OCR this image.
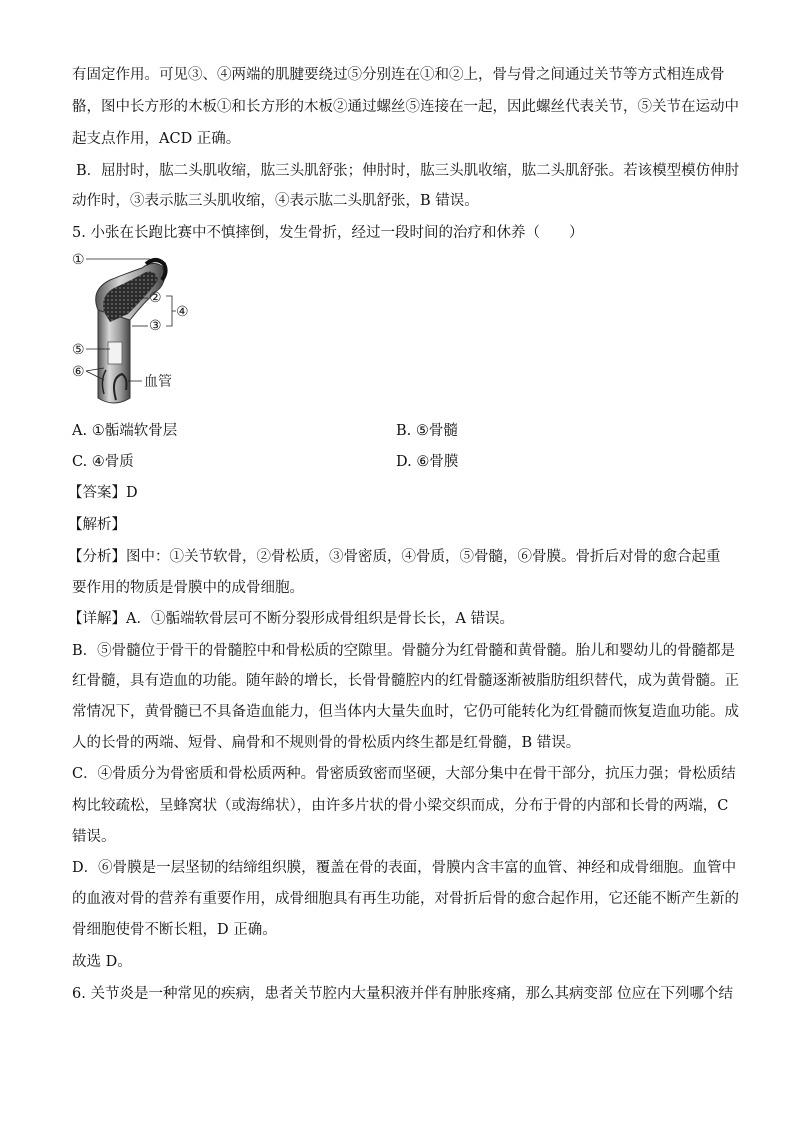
有固定作用。可见③、④两端的肌腱要绕过⑤分别连在①和②上，骨与骨之间通过关节等方式相连成骨
骼，图中长方形的木板①和长方形的木板②通过螺丝⑤连接在一起，因此螺丝代表关节，⑤关节在运动中
起支点作用，ACD 正确。
B．屈肘时，肱二头肌收缩，肱三头肌舒张；伸肘时，肱三头肌收缩，肱二头肌舒张。若该模型模仿伸肘
动作时，③表示肱三头肌收缩，④表示肱二头肌舒张，B 错误。
5. 小张在长跑比赛中不慎摔倒，发生骨折，经过一段时间的治疗和休养（　　）
①
②
③
④
⑤
⑥
血管
A. ①骺端软骨层	B. ⑤骨髓
C. ④骨质	D. ⑥骨膜
【答案】D
【解析】
【分析】图中：①关节软骨，②骨松质，③骨密质，④骨质，⑤骨髓，⑥骨膜。骨折后对骨的愈合起重
要作用的物质是骨膜中的成骨细胞。
【详解】A．①骺端软骨层可不断分裂形成骨组织是骨长长，A 错误。
B．⑤骨髓位于骨干的骨髓腔中和骨松质的空隙里。骨髓分为红骨髓和黄骨髓。胎儿和婴幼儿的骨髓都是
红骨髓，具有造血的功能。随年龄的增长，长骨骨髓腔内的红骨髓逐渐被脂肪组织替代，成为黄骨髓。正
常情况下，黄骨髓已不具备造血能力，但当体内大量失血时，它仍可能转化为红骨髓而恢复造血功能。成
人的长骨的两端、短骨、扁骨和不规则骨的骨松质内终生都是红骨髓，B 错误。
C．④骨质分为骨密质和骨松质两种。骨密质致密而坚硬，大部分集中在骨干部分，抗压力强；骨松质结
构比较疏松，呈蜂窝状（或海绵状），由许多片状的骨小梁交织而成，分布于骨的内部和长骨的两端，C
错误。
D．⑥骨膜是一层坚韧的结缔组织膜，覆盖在骨的表面，骨膜内含丰富的血管、神经和成骨细胞。血管中
的血液对骨的营养有重要作用，成骨细胞具有再生功能，对骨折后骨的愈合起作用，它还能不断产生新的
骨细胞使骨不断长粗，D 正确。
故选 D。
6. 关节炎是一种常见的疾病，患者关节腔内大量积液并伴有肿胀疼痛，那么其病变部 位应在下列哪个结
